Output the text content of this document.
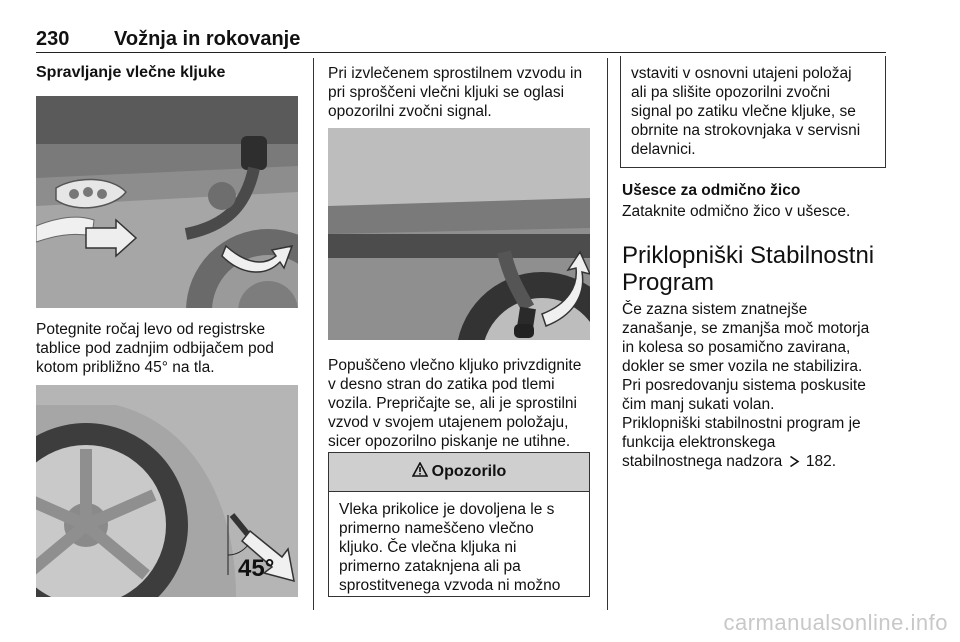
230 Vožnja in rokovanje
Spravljanje vlečne kljuke
Potegnite ročaj levo od registrske
tablice pod zadnjim odbijačem pod
kotom približno 45° na tla.
45°
Pri izvlečenem sprostilnem vzvodu in
pri sproščeni vlečni kljuki se oglasi
opozorilni zvočni signal.
Popuščeno vlečno kljuko privzdignite
v desno stran do zatika pod tlemi
vozila. Prepričajte se, ali je sprostilni
vzvod v svojem utajenem položaju,
sicer opozorilno piskanje ne utihne.
Opozorilo
Vleka prikolice je dovoljena le s
primerno nameščeno vlečno
kljuko. Če vlečna kljuka ni
primerno zataknjena ali pa
sprostitvenega vzvoda ni možno
vstaviti v osnovni utajeni položaj
ali pa slišite opozorilni zvočni
signal po zatiku vlečne kljuke, se
obrnite na strokovnjaka v servisni
delavnici.
Ušesce za odmično žico
Zataknite odmično žico v ušesce.
Priklopniški Stabilnostni
Program
Če zazna sistem znatnejše
zanašanje, se zmanjša moč motorja
in kolesa so posamično zavirana,
dokler se smer vozila ne stabilizira.
Pri posredovanju sistema poskusite
čim manj sukati volan.
Priklopniški stabilnostni program je
funkcija elektronskega
stabilnostnega nadzora 182.
carmanualsonline.info
